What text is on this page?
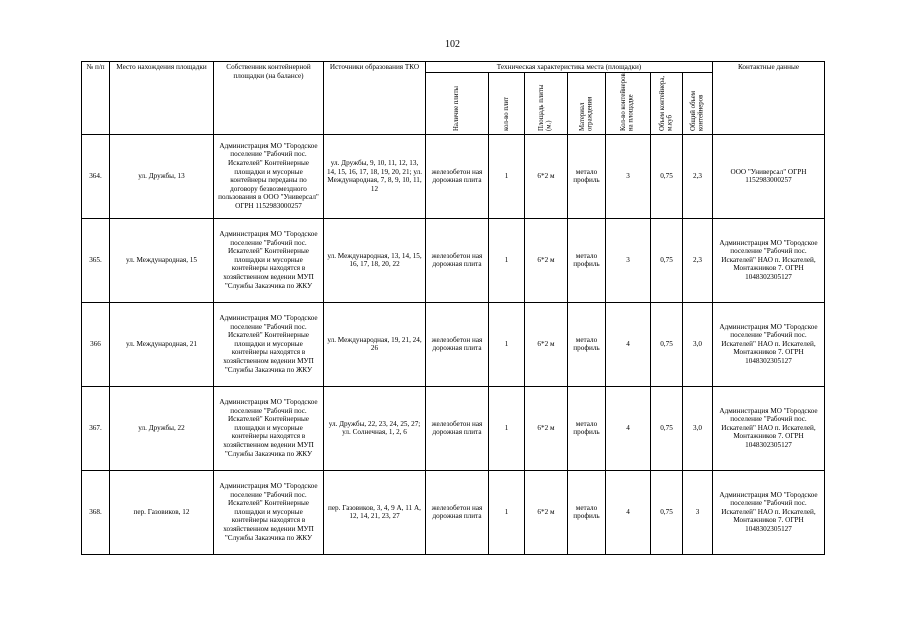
102
№ п/п	Место нахождения площадки	Собственник контейнерной площадки (на балансе)	Источники образования ТКО	Техническая характеристика места (площадки)							Контактные данные
				Наличие плиты	кол-во плит	Площадь плиты (м.)	Материал ограждения	Кол-во контейнеров на площадке	Объем контейнера, м.куб	Общий объем контейнеров	
364.	ул. Дружбы, 13	Администрация МО "Городское поселение "Рабочий пос. Искателей" Контейнерные площадки и мусорные контейнеры переданы по договору безвозмездного пользования в ООО "Универсал" ОГРН 1152983000257	ул. Дружбы, 9, 10, 11, 12, 13, 14, 15, 16, 17, 18, 19, 20, 21; ул. Международная, 7, 8, 9, 10, 11, 12	железобетон ная дорожная плита	1	6*2 м	метало профиль	3	0,75	2,3	ООО "Универсал" ОГРН 1152983000257
365.	ул. Международная, 15	Администрация МО "Городское поселение "Рабочий пос. Искателей" Контейнерные площадки и мусорные контейнеры находятся в хозяйственном ведении МУП "Службы Заказчика по ЖКУ	ул. Международная, 13, 14, 15, 16, 17, 18, 20, 22	железобетон ная дорожная плита	1	6*2 м	метало профиль	3	0,75	2,3	Администрация МО "Городское поселение "Рабочий пос. Искателей" НАО п. Искателей, Монтажников 7. ОГРН 1048302305127
366	ул. Международная, 21	Администрация МО "Городское поселение "Рабочий пос. Искателей" Контейнерные площадки и мусорные контейнеры находятся в хозяйственном ведении МУП "Службы Заказчика по ЖКУ	ул. Международная, 19, 21, 24, 26	железобетон ная дорожная плита	1	6*2 м	метало профиль	4	0,75	3,0	Администрация МО "Городское поселение "Рабочий пос. Искателей" НАО п. Искателей, Монтажников 7. ОГРН 1048302305127
367.	ул. Дружбы, 22	Администрация МО "Городское поселение "Рабочий пос. Искателей" Контейнерные площадки и мусорные контейнеры находятся в хозяйственном ведении МУП "Службы Заказчика по ЖКУ	ул. Дружбы, 22, 23, 24, 25, 27; ул. Солнечная, 1, 2, 6	железобетон ная дорожная плита	1	6*2 м	метало профиль	4	0,75	3,0	Администрация МО "Городское поселение "Рабочий пос. Искателей" НАО п. Искателей, Монтажников 7. ОГРН 1048302305127
368.	пер. Газовиков, 12	Администрация МО "Городское поселение "Рабочий пос. Искателей" Контейнерные площадки и мусорные контейнеры находятся в хозяйственном ведении МУП "Службы Заказчика по ЖКУ	пер. Газовиков, 3, 4, 9 А, 11 А, 12, 14, 21, 23, 27	железобетон ная дорожная плита	1	6*2 м	метало профиль	4	0,75	3	Администрация МО "Городское поселение "Рабочий пос. Искателей" НАО п. Искателей, Монтажников 7. ОГРН 1048302305127
